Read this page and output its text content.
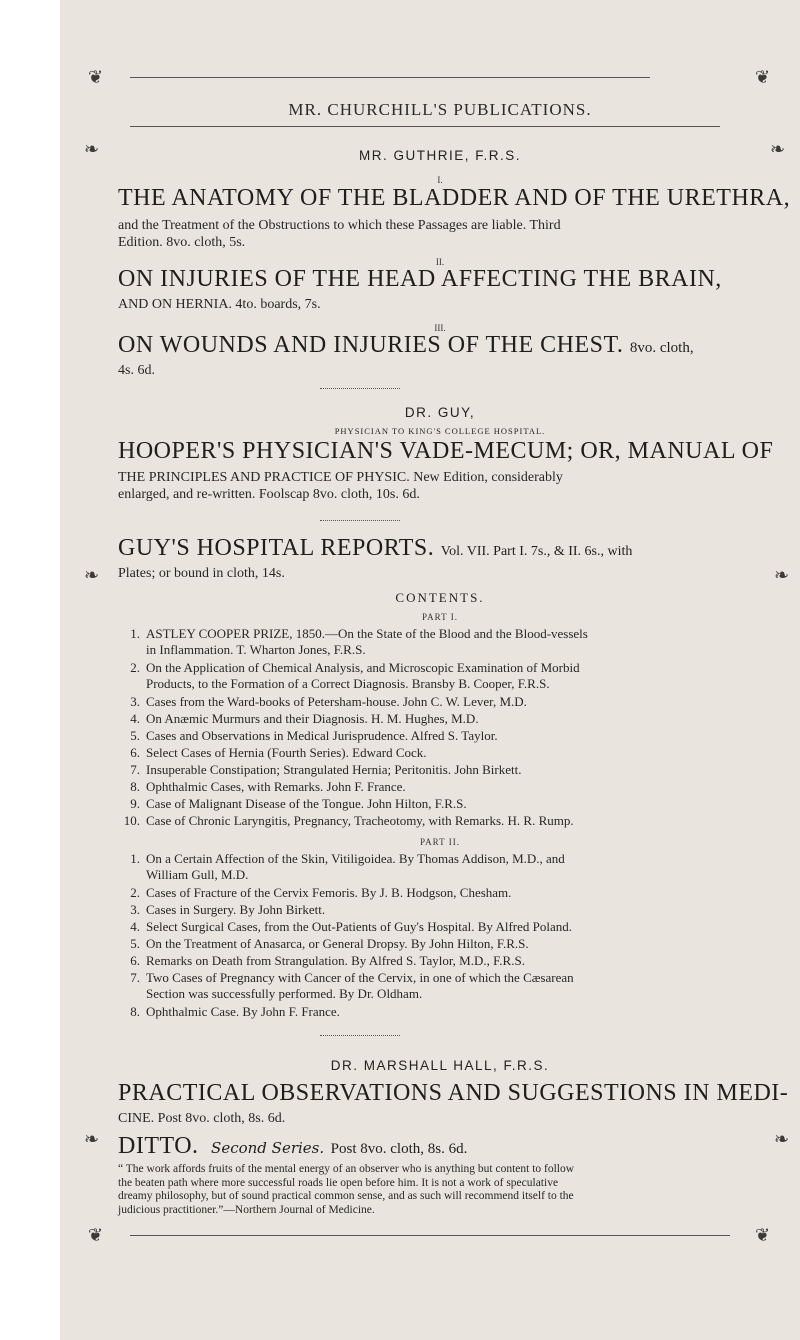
❦	❦
MR. CHURCHILL'S PUBLICATIONS.
❧	❧
MR. GUTHRIE, F.R.S.
I.
THE ANATOMY OF THE BLADDER AND OF THE URETHRA,
and the Treatment of the Obstructions to which these Passages are liable. Third
Edition. 8vo. cloth, 5s.
II.
ON INJURIES OF THE HEAD AFFECTING THE BRAIN,
AND ON HERNIA. 4to. boards, 7s.
III.
ON WOUNDS AND INJURIES OF THE CHEST. 8vo. cloth,
4s. 6d.
DR. GUY,
PHYSICIAN TO KING'S COLLEGE HOSPITAL.
HOOPER'S PHYSICIAN'S VADE-MECUM; OR, MANUAL OF
THE PRINCIPLES AND PRACTICE OF PHYSIC. New Edition, considerably
enlarged, and re-written. Foolscap 8vo. cloth, 10s. 6d.
GUY'S HOSPITAL REPORTS. Vol. VII. Part I. 7s., & II. 6s., with
Plates; or bound in cloth, 14s.
❧	❧
CONTENTS.
PART I.
1. ASTLEY COOPER PRIZE, 1850.—On the State of the Blood and the Blood-vessels
in Inflammation. T. Wharton Jones, F.R.S.
2. On the Application of Chemical Analysis, and Microscopic Examination of Morbid
Products, to the Formation of a Correct Diagnosis. Bransby B. Cooper, F.R.S.
3. Cases from the Ward-books of Petersham-house. John C. W. Lever, M.D.
4. On Anæmic Murmurs and their Diagnosis. H. M. Hughes, M.D.
5. Cases and Observations in Medical Jurisprudence. Alfred S. Taylor.
6. Select Cases of Hernia (Fourth Series). Edward Cock.
7. Insuperable Constipation; Strangulated Hernia; Peritonitis. John Birkett.
8. Ophthalmic Cases, with Remarks. John F. France.
9. Case of Malignant Disease of the Tongue. John Hilton, F.R.S.
10. Case of Chronic Laryngitis, Pregnancy, Tracheotomy, with Remarks. H. R. Rump.
PART II.
1. On a Certain Affection of the Skin, Vitiligoidea. By Thomas Addison, M.D., and
William Gull, M.D.
2. Cases of Fracture of the Cervix Femoris. By J. B. Hodgson, Chesham.
3. Cases in Surgery. By John Birkett.
4. Select Surgical Cases, from the Out-Patients of Guy's Hospital. By Alfred Poland.
5. On the Treatment of Anasarca, or General Dropsy. By John Hilton, F.R.S.
6. Remarks on Death from Strangulation. By Alfred S. Taylor, M.D., F.R.S.
7. Two Cases of Pregnancy with Cancer of the Cervix, in one of which the Cæsarean
Section was successfully performed. By Dr. Oldham.
8. Ophthalmic Case. By John F. France.
DR. MARSHALL HALL, F.R.S.
PRACTICAL OBSERVATIONS AND SUGGESTIONS IN MEDI-
CINE. Post 8vo. cloth, 8s. 6d.
❧	❧
DITTO. Second Series. Post 8vo. cloth, 8s. 6d.
“ The work affords fruits of the mental energy of an observer who is anything but content to follow
the beaten path where more successful roads lie open before him. It is not a work of speculative
dreamy philosophy, but of sound practical common sense, and as such will recommend itself to the
judicious practitioner.”—Northern Journal of Medicine.
❦	❦
